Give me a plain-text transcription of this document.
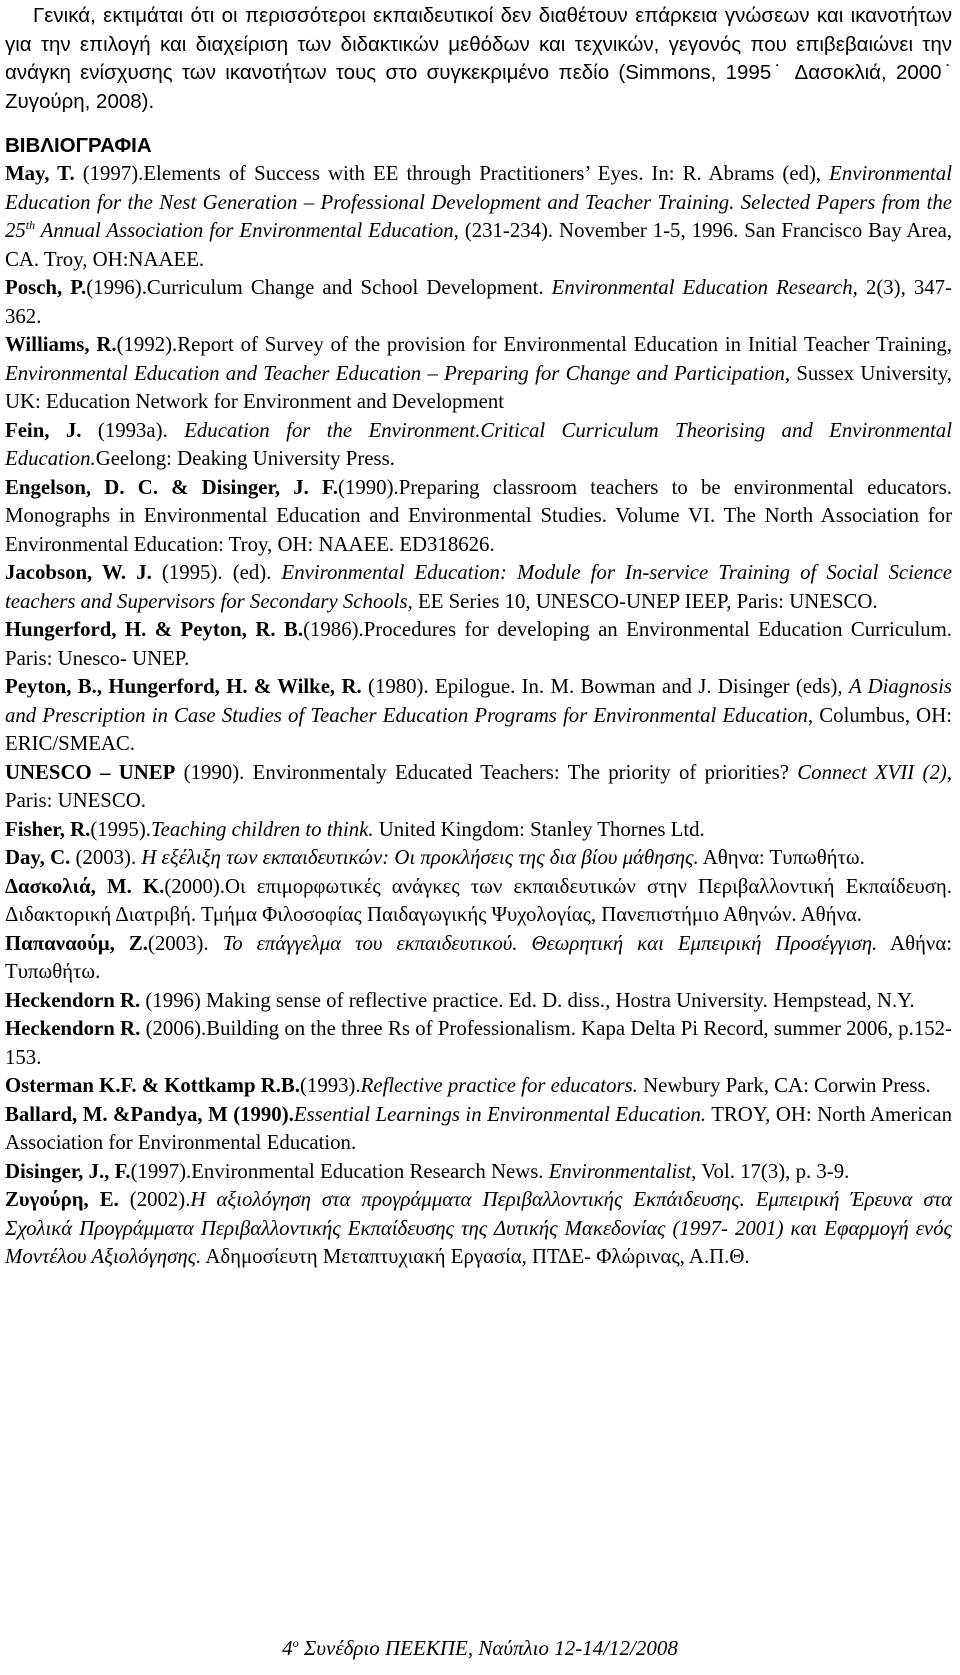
Γενικά, εκτιμάται ότι οι περισσότεροι εκπαιδευτικοί δεν διαθέτουν επάρκεια γνώσεων και ικανοτήτων για την επιλογή και διαχείριση των διδακτικών μεθόδων και τεχνικών, γεγονός που επιβεβαιώνει την ανάγκη ενίσχυσης των ικανοτήτων τους στο συγκεκριμένο πεδίο (Simmons, 1995˙ Δασοκλιά, 2000˙ Ζυγούρη, 2008).

ΒΙΒΛΙΟΓΡΑΦΙΑ
May, T. (1997).Elements of Success with EE through Practitioners’ Eyes. In: R. Abrams (ed), Environmental Education for the Nest Generation – Professional Development and Teacher Training. Selected Papers from the 25th Annual Association for Environmental Education, (231-234). November 1-5, 1996. San Francisco Bay Area, CA. Troy, OH:NAAEE.
Posch, P.(1996).Curriculum Change and School Development. Environmental Education Research, 2(3), 347-362.
Williams, R.(1992).Report of Survey of the provision for Environmental Education in Initial Teacher Training, Environmental Education and Teacher Education – Preparing for Change and Participation, Sussex University, UK: Education Network for Environment and Development
Fein, J. (1993a). Education for the Environment.Critical Curriculum Theorising and Environmental Education.Geelong: Deaking University Press.
Engelson, D. C. & Disinger, J. F.(1990).Preparing classroom teachers to be environmental educators. Monographs in Environmental Education and Environmental Studies. Volume VI. The North Association for Environmental Education: Troy, OH: NAAEE. ED318626.
Jacobson, W. J. (1995). (ed). Environmental Education: Module for In-service Training of Social Science teachers and Supervisors for Secondary Schools, EE Series 10, UNESCO-UNEP IEEP, Paris: UNESCO.
Hungerford, H. & Peyton, R. B.(1986).Procedures for developing an Environmental Education Curriculum. Paris: Unesco- UNEP.
Peyton, B., Hungerford, H. & Wilke, R. (1980). Epilogue. In. M. Bowman and J. Disinger (eds), A Diagnosis and Prescription in Case Studies of Teacher Education Programs for Environmental Education, Columbus, OH: ERIC/SMEAC.
UNESCO – UNEP (1990). Environmentaly Educated Teachers: The priority of priorities? Connect XVII (2), Paris: UNESCO.
Fisher, R.(1995).Teaching children to think. United Kingdom: Stanley Thornes Ltd.
Day, C. (2003). Η εξέλιξη των εκπαιδευτικών: Οι προκλήσεις της δια βίου μάθησης. Αθηνα: Τυπωθήτω.
Δασκολιά, Μ. Κ.(2000).Οι επιμορφωτικές ανάγκες των εκπαιδευτικών στην Περιβαλλοντική Εκπαίδευση. Διδακτορική Διατριβή. Τμήμα Φιλοσοφίας Παιδαγωγικής Ψυχολογίας, Πανεπιστήμιο Αθηνών. Αθήνα.
Παπαναούμ, Ζ.(2003). Το επάγγελμα του εκπαιδευτικού. Θεωρητική και Εμπειρική Προσέγγιση. Αθήνα: Τυπωθήτω.
Heckendorn R. (1996) Making sense of reflective practice. Ed. D. diss., Hostra University. Hempstead, N.Y.
Heckendorn R. (2006).Building on the three Rs of Professionalism. Kapa Delta Pi Record, summer 2006, p.152-153.
Osterman K.F. & Kottkamp R.B.(1993).Reflective practice for educators. Newbury Park, CA: Corwin Press.
Ballard, M. &Pandya, M (1990).Essential Learnings in Environmental Education. TROY, OH: North American Association for Environmental Education.
Disinger, J., F.(1997).Environmental Education Research News. Environmentalist, Vol. 17(3), p. 3-9.
Ζυγούρη, Ε. (2002).Η αξιολόγηση στα προγράμματα Περιβαλλοντικής Εκπάιδευσης. Εμπειρική Έρευνα στα Σχολικά Προγράμματα Περιβαλλοντικής Εκπαίδευσης της Δυτικής Μακεδονίας (1997- 2001) και Εφαρμογή ενός Μοντέλου Αξιολόγησης. Αδημοσίευτη Μεταπτυχιακή Εργασία, ΠΤΔΕ- Φλώρινας, Α.Π.Θ.
$4^o$ Συνέδριο ΠΕΕΚΠΕ, Ναύπλιο 12-14/12/2008
